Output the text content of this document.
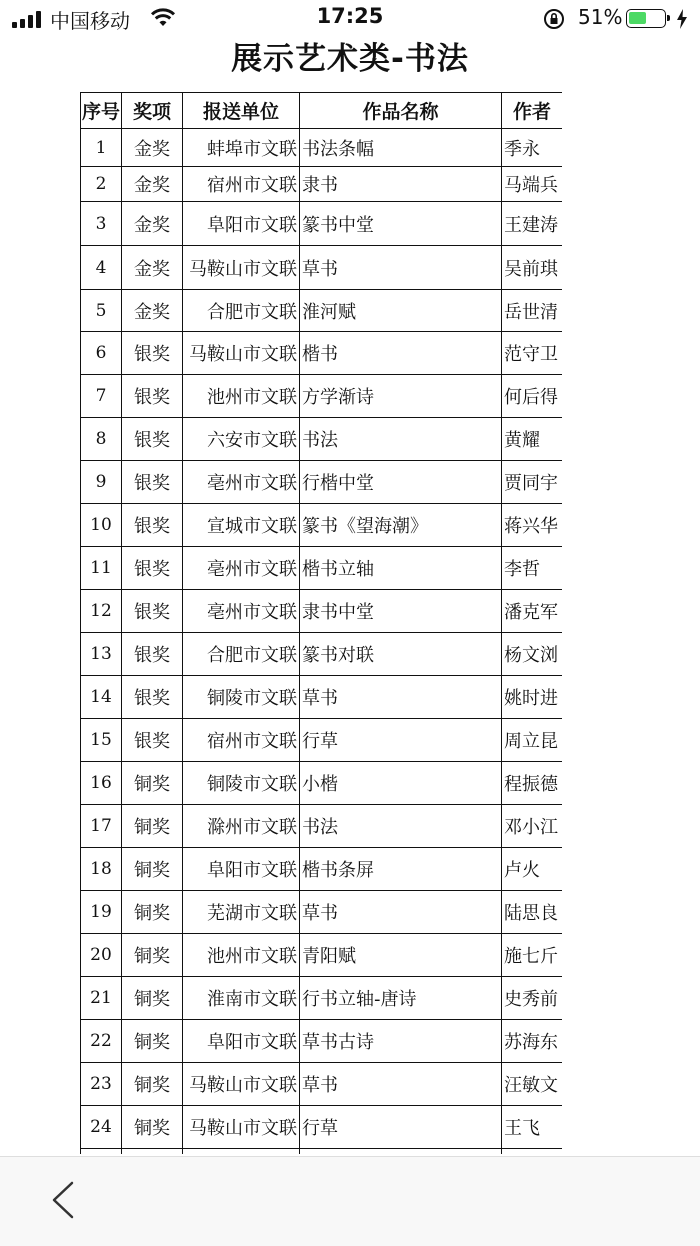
中国移动	17:25	51%
展示艺术类-书法
序号	奖项	报送单位	作品名称	作者
1	金奖	蚌埠市文联	书法条幅	季永
2	金奖	宿州市文联	隶书	马端兵
3	金奖	阜阳市文联	篆书中堂	王建涛
4	金奖	马鞍山市文联	草书	吴前琪
5	金奖	合肥市文联	淮河赋	岳世清
6	银奖	马鞍山市文联	楷书	范守卫
7	银奖	池州市文联	方学渐诗	何后得
8	银奖	六安市文联	书法	黄耀
9	银奖	亳州市文联	行楷中堂	贾同宇
10	银奖	宣城市文联	篆书《望海潮》	蒋兴华
11	银奖	亳州市文联	楷书立轴	李哲
12	银奖	亳州市文联	隶书中堂	潘克军
13	银奖	合肥市文联	篆书对联	杨文浏
14	银奖	铜陵市文联	草书	姚时进
15	银奖	宿州市文联	行草	周立昆
16	铜奖	铜陵市文联	小楷	程振德
17	铜奖	滁州市文联	书法	邓小江
18	铜奖	阜阳市文联	楷书条屏	卢火
19	铜奖	芜湖市文联	草书	陆思良
20	铜奖	池州市文联	青阳赋	施七斤
21	铜奖	淮南市文联	行书立轴-唐诗	史秀前
22	铜奖	阜阳市文联	草书古诗	苏海东
23	铜奖	马鞍山市文联	草书	汪敏文
24	铜奖	马鞍山市文联	行草	王飞
